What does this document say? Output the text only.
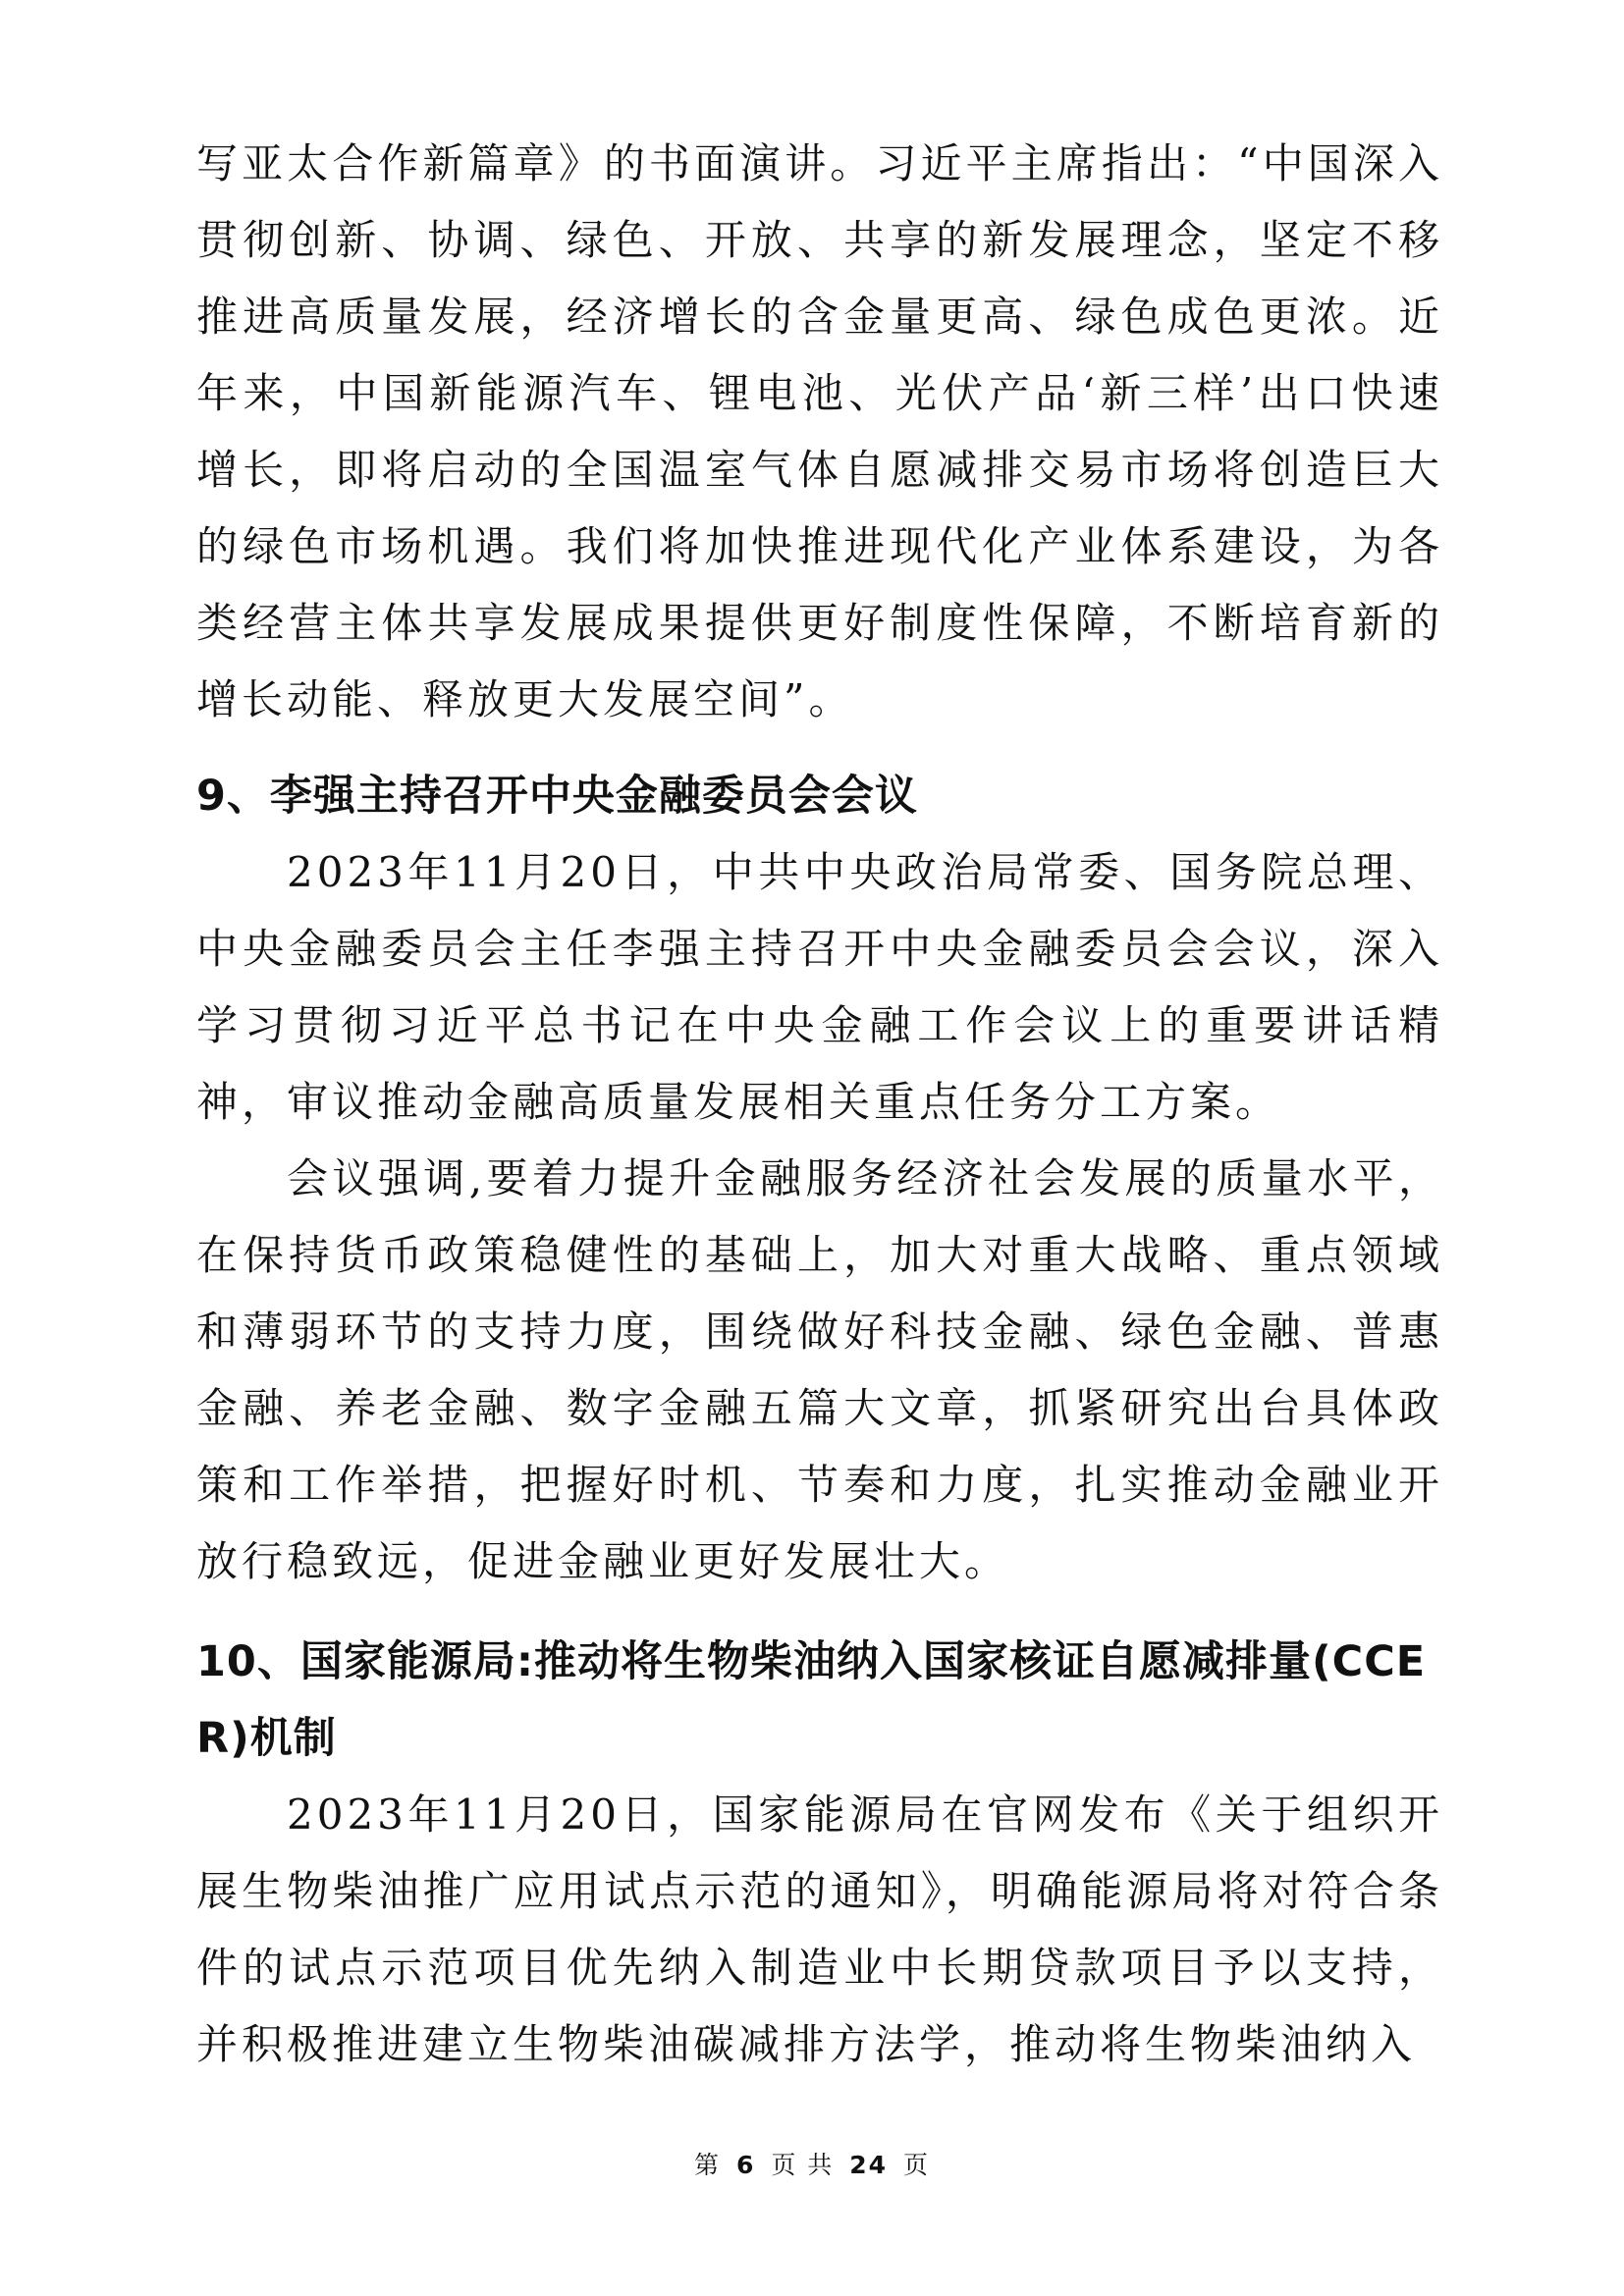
写亚太合作新篇章》的书面演讲。习近平主席指出：“中国深入贯彻创新、协调、绿色、开放、共享的新发展理念，坚定不移推进高质量发展，经济增长的含金量更高、绿色成色更浓。近年来，中国新能源汽车、锂电池、光伏产品‘新三样’出口快速增长，即将启动的全国温室气体自愿减排交易市场将创造巨大的绿色市场机遇。我们将加快推进现代化产业体系建设，为各类经营主体共享发展成果提供更好制度性保障，不断培育新的增长动能、释放更大发展空间”。

9、李强主持召开中央金融委员会会议

2023年11月20日，中共中央政治局常委、国务院总理、中央金融委员会主任李强主持召开中央金融委员会会议，深入学习贯彻习近平总书记在中央金融工作会议上的重要讲话精神，审议推动金融高质量发展相关重点任务分工方案。

会议强调,要着力提升金融服务经济社会发展的质量水平，在保持货币政策稳健性的基础上，加大对重大战略、重点领域和薄弱环节的支持力度，围绕做好科技金融、绿色金融、普惠金融、养老金融、数字金融五篇大文章，抓紧研究出台具体政策和工作举措，把握好时机、节奏和力度，扎实推动金融业开放行稳致远，促进金融业更好发展壮大。

10、国家能源局:推动将生物柴油纳入国家核证自愿减排量(CCER)机制

2023年11月20日，国家能源局在官网发布《关于组织开展生物柴油推广应用试点示范的通知》，明确能源局将对符合条件的试点示范项目优先纳入制造业中长期贷款项目予以支持，并积极推进建立生物柴油碳减排方法学，推动将生物柴油纳入

第 6 页 共 24 页
